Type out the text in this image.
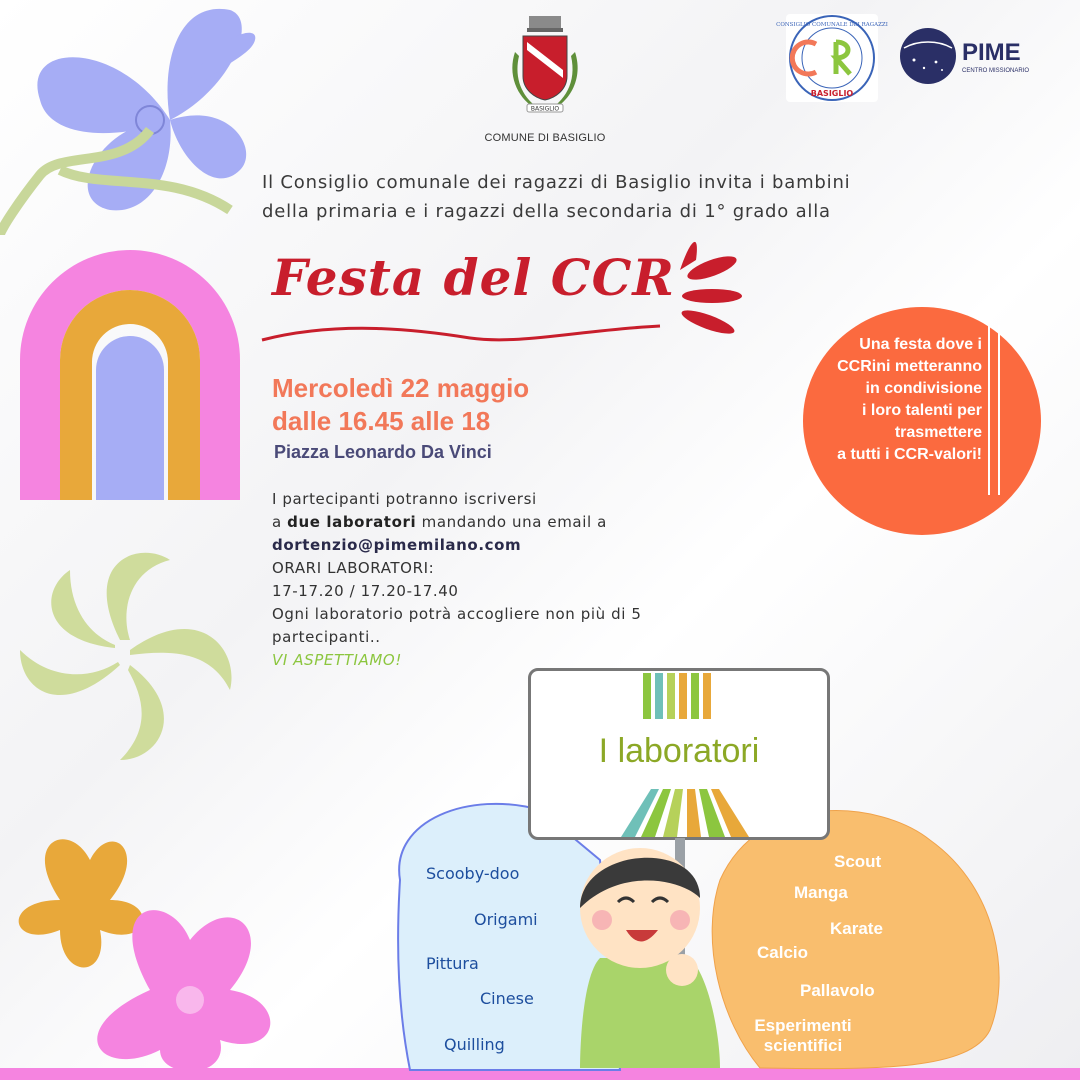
BASIGLIO
COMUNE DI BASIGLIO
CONSIGLIO COMUNALE DEI RAGAZZI
BASIGLIO
PIME
CENTRO MISSIONARIO
Il Consiglio comunale dei ragazzi di Basiglio invita i bambini
della primaria e i ragazzi della secondaria di 1° grado alla
Festa del CCR
Mercoledì 22 maggio
dalle 16.45 alle 18
Piazza Leonardo Da Vinci
I partecipanti potranno iscriversi
a due laboratori mandando una email a
dortenzio@pimemilano.com
ORARI LABORATORI:
17-17.20 / 17.20-17.40
Ogni laboratorio potrà accogliere non più di 5
partecipanti..
VI ASPETTIAMO!
Una festa dove i
CCRini metteranno
in condivisione
i loro talenti per
trasmettere
a tutti i CCR-valori!
I laboratori
Scooby-doo
Origami
Pittura
Cinese
Quilling
Scout
Manga
Karate
Calcio
Pallavolo
Esperimenti
scientifici
